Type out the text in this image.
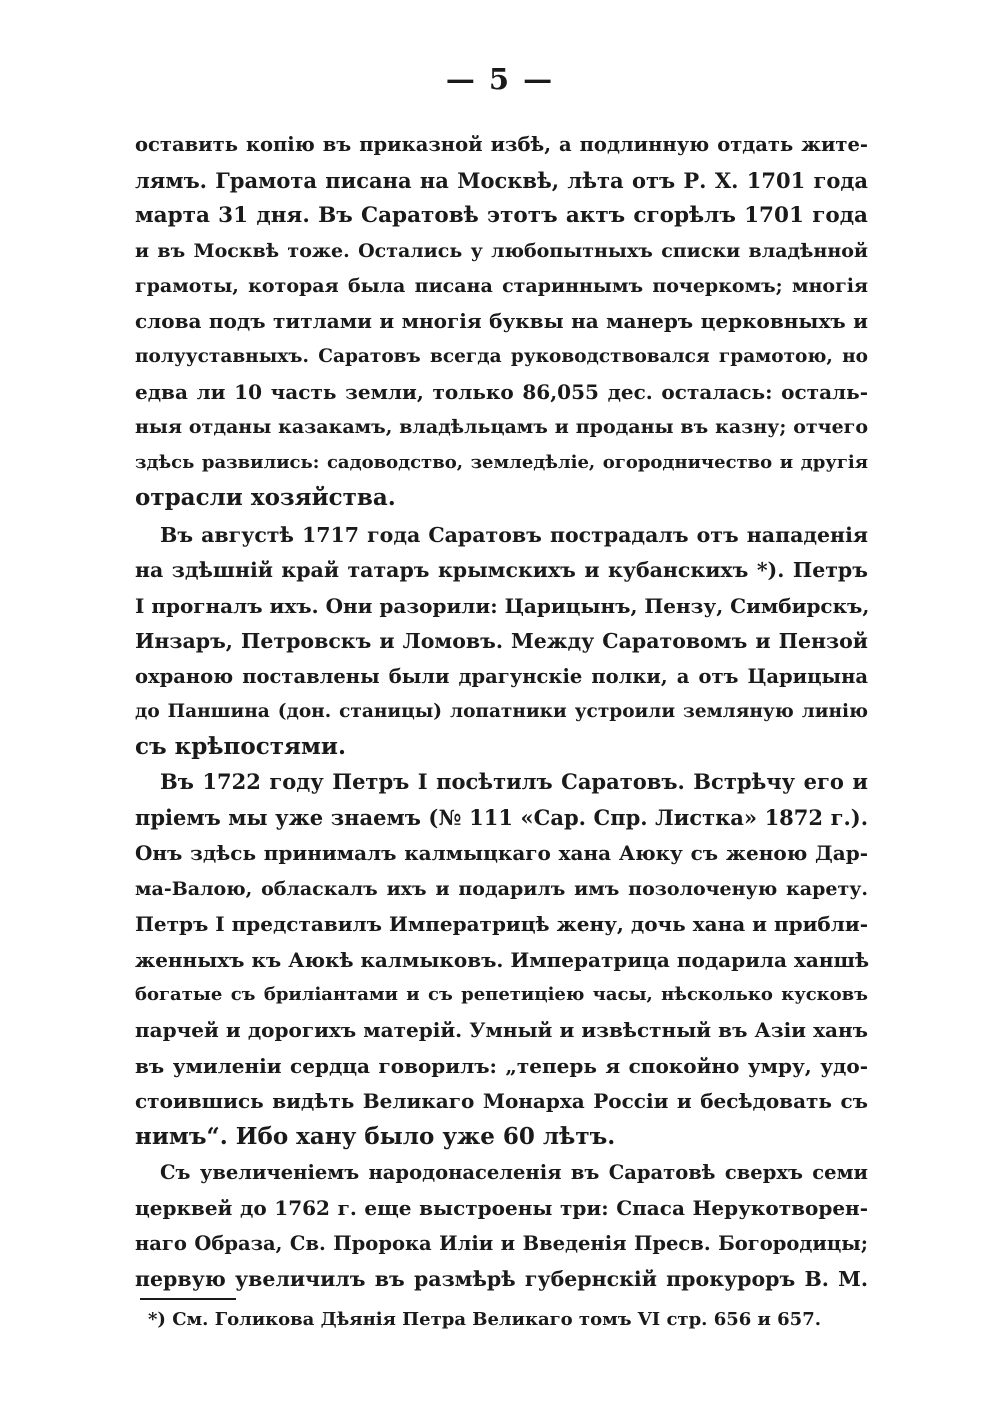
— 5 —
оставить копію въ приказной избѣ, а подлинную отдать жите-
лямъ. Грамота писана на Москвѣ, лѣта отъ Р. X. 1701 года
марта 31 дня. Въ Саратовѣ этотъ актъ сгорѣлъ 1701 года
и въ Москвѣ тоже. Остались у любопытныхъ списки владѣнной
грамоты, которая была писана стариннымъ почеркомъ; многія
слова подъ титлами и многія буквы на манеръ церковныхъ и
полууставныхъ. Саратовъ всегда руководствовался грамотою, но
едва ли 10 часть земли, только 86,055 дес. осталась: осталь-
ныя отданы казакамъ, владѣльцамъ и проданы въ казну; отчего
здѣсь развились: садоводство, земледѣліе, огородничество и другія
отрасли хозяйства.
Въ августѣ 1717 года Саратовъ пострадалъ отъ нападенія
на здѣшній край татаръ крымскихъ и кубанскихъ *). Петръ
I прогналъ ихъ. Они разорили: Царицынъ, Пензу, Симбирскъ,
Инзаръ, Петровскъ и Ломовъ. Между Саратовомъ и Пензой
охраною поставлены были драгунскіе полки, а отъ Царицына
до Паншина (дон. станицы) лопатники устроили земляную линію
съ крѣпостями.
Въ 1722 году Петръ I посѣтилъ Саратовъ. Встрѣчу его и
пріемъ мы уже знаемъ (№ 111 «Сар. Спр. Листка» 1872 г.).
Онъ здѣсь принималъ калмыцкаго хана Аюку съ женою Дар-
ма-Валою, обласкалъ ихъ и подарилъ имъ позолоченую карету.
Петръ I представилъ Императрицѣ жену, дочь хана и прибли-
женныхъ къ Аюкѣ калмыковъ. Императрица подарила ханшѣ
богатые съ бриліантами и съ репетиціею часы, нѣсколько кусковъ
парчей и дорогихъ матерій. Умный и извѣстный въ Азіи ханъ
въ умиленіи сердца говорилъ: „теперь я спокойно умру, удо-
стоившись видѣть Великаго Монарха Россіи и бесѣдовать съ
нимъ“. Ибо хану было уже 60 лѣтъ.
Съ увеличеніемъ народонаселенія въ Саратовѣ сверхъ семи
церквей до 1762 г. еще выстроены три: Спаса Нерукотворен-
наго Образа, Св. Пророка Иліи и Введенія Пресв. Богородицы;
первую увеличилъ въ размѣрѣ губернскій прокуроръ В. М.
*) См. Голикова Дѣянія Петра Великаго томъ VI стр. 656 и 657.
